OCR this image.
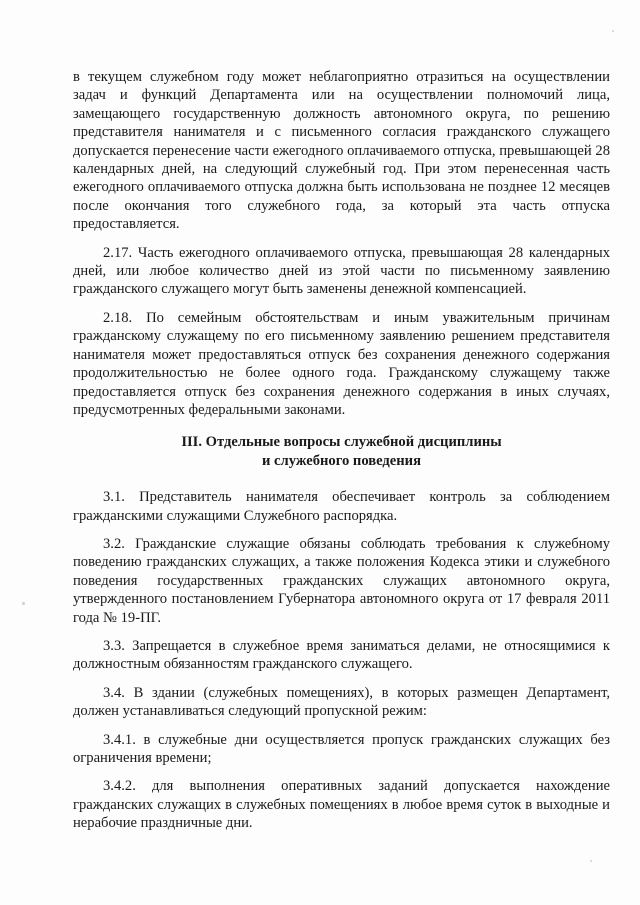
в текущем служебном году может неблагоприятно отразиться на осуществлении задач и функций Департамента или на осуществлении полномочий лица, замещающего государственную должность автономного округа, по решению представителя нанимателя и с письменного согласия гражданского служащего допускается перенесение части ежегодного оплачиваемого отпуска, превышающей 28 календарных дней, на следующий служебный год. При этом перенесенная часть ежегодного оплачиваемого отпуска должна быть использована не позднее 12 месяцев после окончания того служебного года, за который эта часть отпуска предоставляется.

2.17. Часть ежегодного оплачиваемого отпуска, превышающая 28 календарных дней, или любое количество дней из этой части по письменному заявлению гражданского служащего могут быть заменены денежной компенсацией.

2.18. По семейным обстоятельствам и иным уважительным причинам гражданскому служащему по его письменному заявлению решением представителя нанимателя может предоставляться отпуск без сохранения денежного содержания продолжительностью не более одного года. Гражданскому служащему также предоставляется отпуск без сохранения денежного содержания в иных случаях, предусмотренных федеральными законами.

III. Отдельные вопросы служебной дисциплины
и служебного поведения

3.1. Представитель нанимателя обеспечивает контроль за соблюдением гражданскими служащими Служебного распорядка.

3.2. Гражданские служащие обязаны соблюдать требования к служебному поведению гражданских служащих, а также положения Кодекса этики и служебного поведения государственных гражданских служащих автономного округа, утвержденного постановлением Губернатора автономного округа от 17 февраля 2011 года № 19-ПГ.

3.3. Запрещается в служебное время заниматься делами, не относящимися к должностным обязанностям гражданского служащего.

3.4. В здании (служебных помещениях), в которых размещен Департамент, должен устанавливаться следующий пропускной режим:

3.4.1. в служебные дни осуществляется пропуск гражданских служащих без ограничения времени;

3.4.2. для выполнения оперативных заданий допускается нахождение гражданских служащих в служебных помещениях в любое время суток в выходные и нерабочие праздничные дни.
